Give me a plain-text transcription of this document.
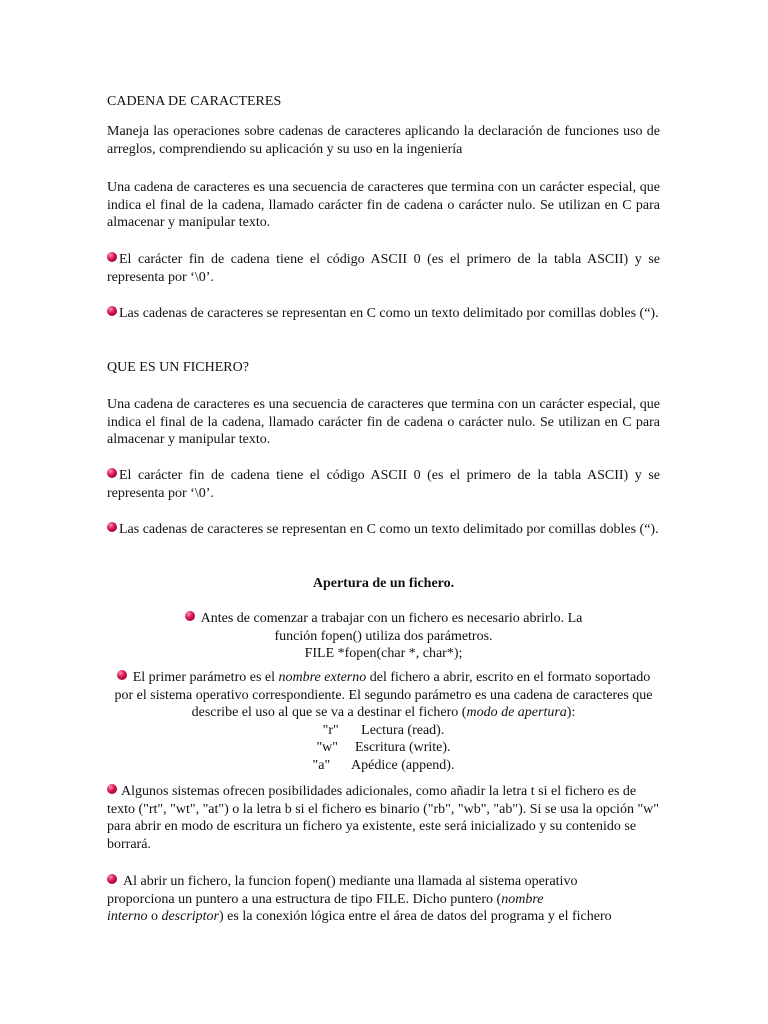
CADENA DE CARACTERES

Maneja las operaciones sobre cadenas de caracteres aplicando la declaración de funciones uso de arreglos, comprendiendo su aplicación y su uso en la ingeniería

Una cadena de caracteres es una secuencia de caracteres que termina con un carácter especial, que indica el final de la cadena, llamado carácter fin de cadena o carácter nulo. Se utilizan en C para almacenar y manipular texto.

El carácter fin de cadena tiene el código ASCII 0 (es el primero de la tabla ASCII) y se representa por ‘\0’.

Las cadenas de caracteres se representan en C como un texto delimitado por comillas dobles (“).

QUE ES UN FICHERO?

Una cadena de caracteres es una secuencia de caracteres que termina con un carácter especial, que indica el final de la cadena, llamado carácter fin de cadena o carácter nulo. Se utilizan en C para almacenar y manipular texto.

El carácter fin de cadena tiene el código ASCII 0 (es el primero de la tabla ASCII) y se representa por ‘\0’.

Las cadenas de caracteres se representan en C como un texto delimitado por comillas dobles (“).

Apertura de un fichero.
Antes de comenzar a trabajar con un fichero es necesario abrirlo. La
función fopen() utiliza dos parámetros.
FILE *fopen(char *, char*);
El primer parámetro es el nombre externo del fichero a abrir, escrito en el formato soportado por el sistema operativo correspondiente. El segundo parámetro es una cadena de caracteres que describe el uso al que se va a destinar el fichero (modo de apertura):
"r" Lectura (read).
"w" Escritura (write).
"a" Apédice (append).

Algunos sistemas ofrecen posibilidades adicionales, como añadir la letra t si el fichero es de texto ("rt", "wt", "at") o la letra b si el fichero es binario ("rb", "wb", "ab"). Si se usa la opción "w" para abrir en modo de escritura un fichero ya existente, este será inicializado y su contenido se borrará.

Al abrir un fichero, la funcion fopen() mediante una llamada al sistema operativo
proporciona un puntero a una estructura de tipo FILE. Dicho puntero (nombre
interno o descriptor) es la conexión lógica entre el área de datos del programa y el fichero
